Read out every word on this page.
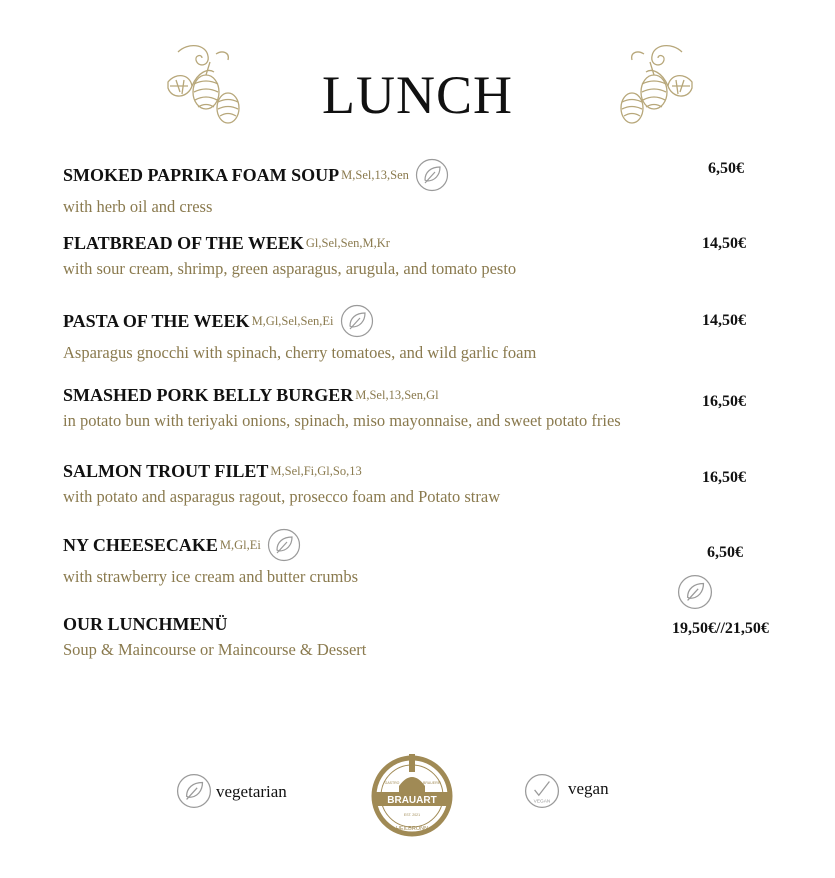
LUNCH
SMOKED PAPRIKA FOAM SOUP M,Sel,13,Sen
with herb oil and cress
6,50€
FLATBREAD OF THE WEEK Gl,Sel,Sen,M,Kr
with sour cream, shrimp, green asparagus, arugula, and tomato pesto
14,50€
PASTA OF THE WEEK M,Gl,Sel,Sen,Ei
Asparagus gnocchi with spinach, cherry tomatoes, and wild garlic foam
14,50€
SMASHED PORK BELLY BURGER M,Sel,13,Sen,Gl
in potato bun with teriyaki onions, spinach, miso mayonnaise, and sweet potato fries
16,50€
SALMON TROUT FILET M,Sel,Fi,Gl,So,13
with potato and asparagus ragout, prosecco foam and Potato straw
16,50€
NY CHEESECAKE M,Gl,Ei
with strawberry ice cream and butter crumbs
6,50€
OUR LUNCHMENÜ
Soup & Maincourse or Maincourse & Dessert
19,50€//21,50€
vegetarian	BRAUART
HEILBRONN
EST. 2021
GASTRO	BRAUEREI
VEGAN
vegan
